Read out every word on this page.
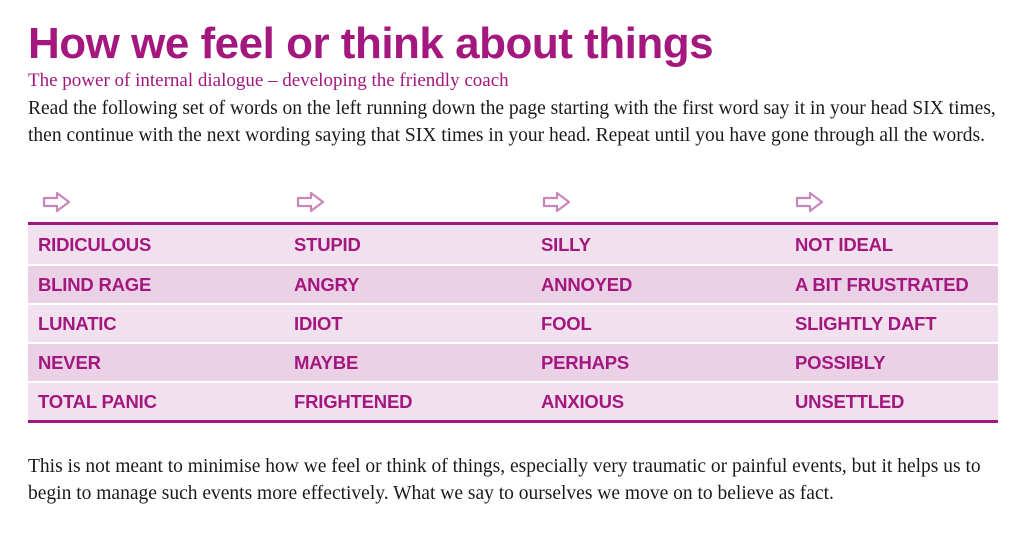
How we feel or think about things

The power of internal dialogue – developing the friendly coach

Read the following set of words on the left running down the page starting with the first word say it in your head SIX times, then continue with the next wording saying that SIX times in your head. Repeat until you have gone through all the words.

RIDICULOUS	STUPID	SILLY	NOT IDEAL
BLIND RAGE	ANGRY	ANNOYED	A BIT FRUSTRATED
LUNATIC	IDIOT	FOOL	SLIGHTLY DAFT
NEVER	MAYBE	PERHAPS	POSSIBLY
TOTAL PANIC	FRIGHTENED	ANXIOUS	UNSETTLED

This is not meant to minimise how we feel or think of things, especially very traumatic or painful events, but it helps us to begin to manage such events more effectively. What we say to ourselves we move on to believe as fact.
